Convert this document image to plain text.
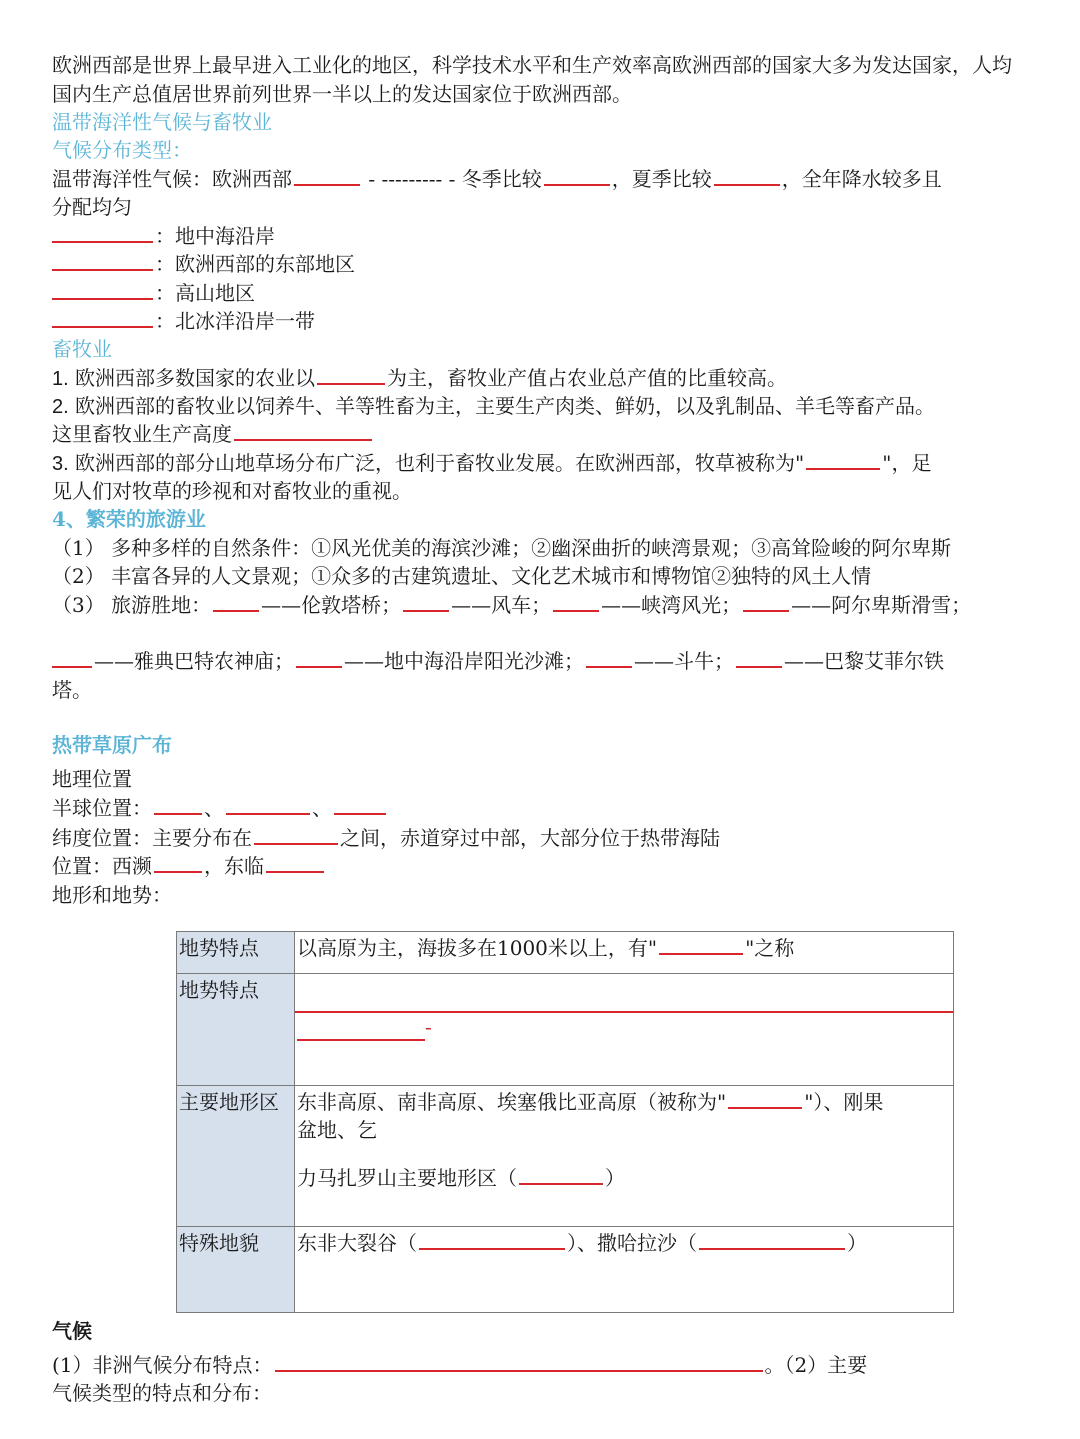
欧洲西部是世界上最早进入工业化的地区，科学技术水平和生产效率高欧洲西部的国家大多为发达国家，人均国内生产总值居世界前列世界一半以上的发达国家位于欧洲西部。
温带海洋性气候与畜牧业
气候分布类型：
温带海洋性气候：欧洲西部	- --------- - 冬季比较	，夏季比较	，全年降水较多且
分配均匀
：地中海沿岸
：欧洲西部的东部地区
：高山地区
：北冰洋沿岸一带
畜牧业
1. 欧洲西部多数国家的农业以	为主，畜牧业产值占农业总产值的比重较高。
2. 欧洲西部的畜牧业以饲养牛、羊等牲畜为主，主要生产肉类、鲜奶，以及乳制品、羊毛等畜产品。
这里畜牧业生产高度
3. 欧洲西部的部分山地草场分布广泛，也利于畜牧业发展。在欧洲西部，牧草被称为"	"，足
见人们对牧草的珍视和对畜牧业的重视。
4、繁荣的旅游业
（1） 多种多样的自然条件：①风光优美的海滨沙滩；②幽深曲折的峡湾景观；③高耸险峻的阿尔卑斯
（2） 丰富各异的人文景观；①众多的古建筑遗址、文化艺术城市和博物馆②独特的风土人情
（3） 旅游胜地：	——伦敦塔桥；	——风车；	——峡湾风光；	——阿尔卑斯滑雪；
——雅典巴特农神庙；	——地中海沿岸阳光沙滩；	——斗牛；	——巴黎艾菲尔铁
塔。
热带草原广布
地理位置
半球位置：	、	、
纬度位置：主要分布在	之间，赤道穿过中部，大部分位于热带海陆
位置：西濒	，东临
地形和地势：
地势特点	以高原为主，海拔多在1000米以上，有" "之称
地势特点	-

主要地形区	东非高原、南非高原、埃塞俄比亚高原（被称为" "）、刚果
盆地、乞
力马扎罗山主要地形区（ ）

特殊地貌	东非大裂谷（ ）、撒哈拉沙（ ）
气候
(1）非洲气候分布特点：	。（2）主要
气候类型的特点和分布：
